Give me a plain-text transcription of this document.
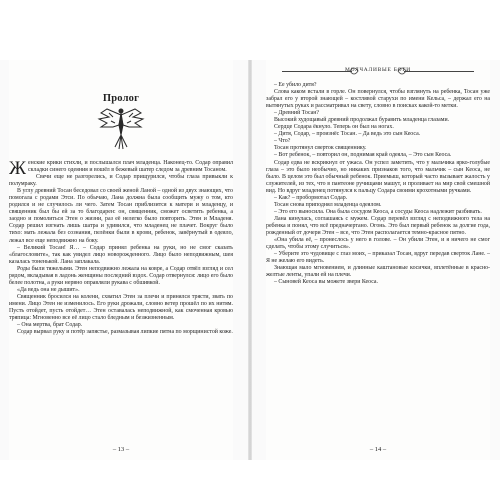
Пролог

Женские крики стихли, и послышался плач младенца. Наконец-то. Содар оправил складки синего одеяния и вошёл в бежевый шатер следом за древним Тосаном.

Свечи еще не разгорелись, и Содар прищурился, чтобы глаза привыкли к полумраку.

В углу древний Тосан беседовал со своей женой Ланой – одной из двух знающих, что помогала с родами Этси. По обычаю, Лана должна была сообщить мужу о том, кто родился и не случилось ли чего. Затем Тосан приблизится к матери и младенцу, и священник был бы ей за то благодарен: он, священник, сможет осветить ребенка, а заодно и помолиться Этен о жизни, раз её нелегко было повторить. Этен и Младеня. Содар решил изгнать лишь шатра и удивился, что младенец не плачет. Вокруг было тихо: мать лежала без сознания, пелёнки были в крови, ребенок, завёрнутый в одеяло, лежал все еще неподвижно на боку.

– Великий Тосан! Я… – Содар принял ребенка на руки, но не смог сказать «благословите», так как увидел лицо новорожденного. Лицо было неподвижным, шея казалась тоненькой. Лана заплакала.

Роды были тяжелыми. Этен неподвижно лежала на ковре, а Содар отвёл взгляд и сел рядом, вкладывая в ладонь женщины последний вздох. Содар отвернулся: лицо его было белее полотна, а руки нервно оправляли рукава с обшивкой.

«Да ведь она не дышит».

Священник бросился на колени, схватил Этен за плечи и принялся трясти, звать по имени. Лицо Этен не изменилось. Его руки дрожали, словно ветер прошёл по их нитям. Пусть отойдет, пусть отойдет… Этен оставалась неподвижной, как смоченная кровью тряпица: Мгновенно все её лицо стало бледным и безжизненным.

– Она мертва, брат Содар.

Содар вырвал руку и потёр запястье, размазывая липкие пятна по морщинистой коже.

– 13 –
МОЛЧАЛИВЫЕ БОГИ

– Ее убило дитя?

Слова каком встали в горле. Он повернулся, чтобы взглянуть на ребенка, Тосан уже забрал его у второй знающей – костлявой старухи по имени Кельса, – держал его на вытянутых руках и рассматривал на свету, словно в поисках какой-то метки.

– Древний Тосан?

Высокий худощавый древний продолжал буравить младенца глазами.

Сердце Содара ёкнуло. Теперь он был на ногах.

– Дитя, Содар, – произнёс Тосан. – Да ведь это сын Кеоса.

– Что?

Тосан протянул сверток священнику.

– Вот ребенок, – повторил он, поднимая край одеяла, – Это сын Кеоса.

Содар едва не вскрикнул от ужаса. Он успел заметить, что у мальчика ярко-голубые глаза – это было необычно, но никаких признаков того, что мальчик – сын Кеоса, не было. В целом это был обычный ребенок. Приемыш, который часто вызывает жалость у служителей, из тех, что в пантеоне ручищами машут, и проливает на мир свой смешной вид. Но вдруг младенец потянулся к пальцу Содара своими крохотными ручками.

– Как? – пробормотал Содар.

Тосан снова приподнял младенца одеялом.

– Это его выносила. Она была сосудом Кеоса, а сосуды Кеоса надлежит разбивать.

Лана кинулась, соглашаясь с мужем. Содар перевёл взгляд с неподвижного тела на ребенка и понял, что всё предначертано. Огонь. Это был первый ребенок за долгие года, рожденный от дочери Этен – все, что Этен располагается темно-красное пятно.

«Она убила её, – пронеслось у него в голове. – Он убили Этен, и я ничего не смог сделать, чтобы этому случиться».

– Уберите это чудовище с глаз моих, – приказал Тосан, вдруг передав сверток Лане. – Я не желаю его видеть.

Знающая мало мгновением, и длинные каштановые косички, вплетённые в красно-желтые ленты, упали ей на плечи.

– Сыновей Кеоса вы можете звери Кеоса.

– 14 –
